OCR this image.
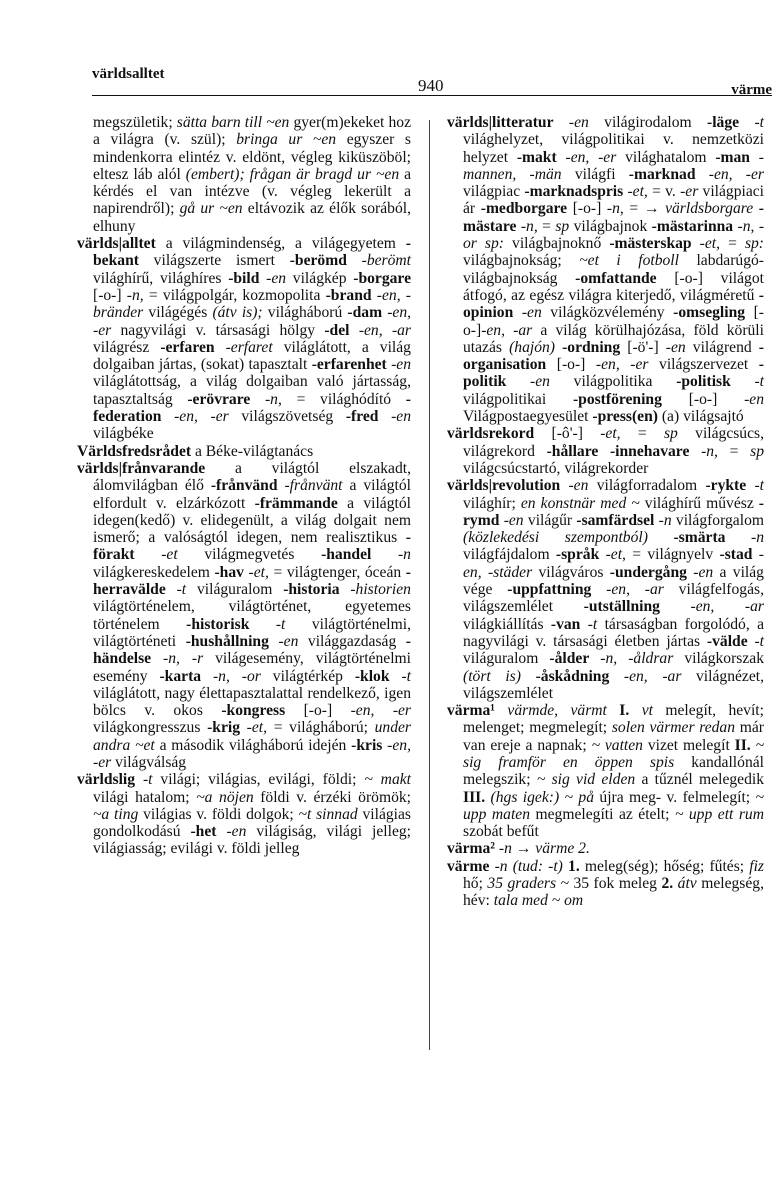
världsalltet
940	värme

megszületik; sätta barn till ~en gyer(m)ekeket hoz a világra (v. szül); bringa ur ~en egyszer s mindenkorra elintéz v. eldönt, végleg kiküszöböl; eltesz láb alól (embert); frågan är bragd ur ~en a kérdés el van intézve (v. végleg lekerült a napirendről); gå ur ~en eltávozik az élők sorából, elhuny

världs|alltet a világmindenség, a világegyetem -bekant világszerte ismert -berömd -berömt világhírű, világhíres -bild -en világkép -borgare [-o-] -n, = világpolgár, kozmopolita -brand -en, -bränder világégés (átv is); világháború -dam -en, -er nagyvilági v. társasági hölgy -del -en, -ar világrész -erfaren -erfaret világlátott, a világ dolgaiban jártas, (sokat) tapasztalt -erfarenhet -en világlátottság, a világ dolgaiban való jártasság, tapasztaltság -erövrare -n, = világhódító -federation -en, -er világszövetség -fred -en világbéke

Världsfredsrådet a Béke-világtanács

världs|frånvarande a világtól elszakadt, álomvilágban élő -frånvänd -frånvänt a világtól elfordult v. elzárkózott -främmande a világtól idegen(kedő) v. elidegenült, a világ dolgait nem ismerő; a valóságtól idegen, nem realisztikus -förakt -et világmegvetés -handel -n világkereskedelem -hav -et, = világtenger, óceán -herravälde -t világuralom -historia -historien világtörténelem, világtörténet, egyetemes történelem -historisk -t világtörténelmi, világtörténeti -hushållning -en világgazdaság -händelse -n, -r világesemény, világtörténelmi esemény -karta -n, -or világtérkép -klok -t világlátott, nagy élettapasztalattal rendelkező, igen bölcs v. okos -kongress [-o-] -en, -er világkongresszus -krig -et, = világháború; under andra ~et a második világháború idején -kris -en, -er világválság

världslig -t világi; világias, evilági, földi; ~ makt világi hatalom; ~a nöjen földi v. érzéki örömök; ~a ting világias v. földi dolgok; ~t sinnad világias gondolkodású -het -en világiság, világi jelleg; világiasság; evilági v. földi jelleg

världs|litteratur -en világirodalom -läge -t világhelyzet, világpolitikai v. nemzetközi helyzet -makt -en, -er világhatalom -man -mannen, -män világfi -marknad -en, -er világpiac -marknadspris -et, = v. -er világpiaci ár -medborgare [-o-] -n, = → världsborgare -mästare -n, = sp világbajnok -mästarinna -n, -or sp: világbajnoknő -mästerskap -et, = sp: világbajnokság; ~et i fotboll labdarúgó-világbajnokság -omfattande [-o-] világot átfogó, az egész világra kiterjedő, világméretű -opinion -en világközvélemény -omsegling [-o-]-en, -ar a világ körülhajózása, föld körüli utazás (hajón) -ordning [-ö'-] -en világrend -organisation [-o-] -en, -er világszervezet -politik -en világpolitika -politisk -t világpolitikai -postförening [-o-] -en Világpostaegyesület -press(en) (a) világsajtó

världsrekord [-ô'-] -et, = sp világcsúcs, világrekord -hållare -innehavare -n, = sp világcsúcstartó, világrekorder

världs|revolution -en világforradalom -rykte -t világhír; en konstnär med ~ világhírű művész -rymd -en világűr -samfärdsel -n világforgalom (közlekedési szempontból) -smärta -n világfájdalom -språk -et, = világnyelv -stad -en, -städer világváros -undergång -en a világ vége -uppfattning -en, -ar világfelfogás, világszemlélet -utställning -en, -ar világkiállítás -van -t társaságban forgolódó, a nagyvilági v. társasági életben jártas -välde -t világuralom -ålder -n, -åldrar világkorszak (tört is) -åskådning -en, -ar világnézet, világszemlélet

värma¹ värmde, värmt I. vt melegít, hevít; melenget; megmelegít; solen värmer redan már van ereje a napnak; ~ vatten vizet melegít II. ~ sig framför en öppen spis kandallónál melegszik; ~ sig vid elden a tűznél melegedik III. (hgs igek:) ~ på újra meg- v. felmelegít; ~ upp maten megmelegíti az ételt; ~ upp ett rum szobát befűt

värma² -n → värme 2.

värme -n (tud: -t) 1. meleg(ség); hőség; fűtés; fiz hő; 35 graders ~ 35 fok meleg 2. átv melegség, hév: tala med ~ om
